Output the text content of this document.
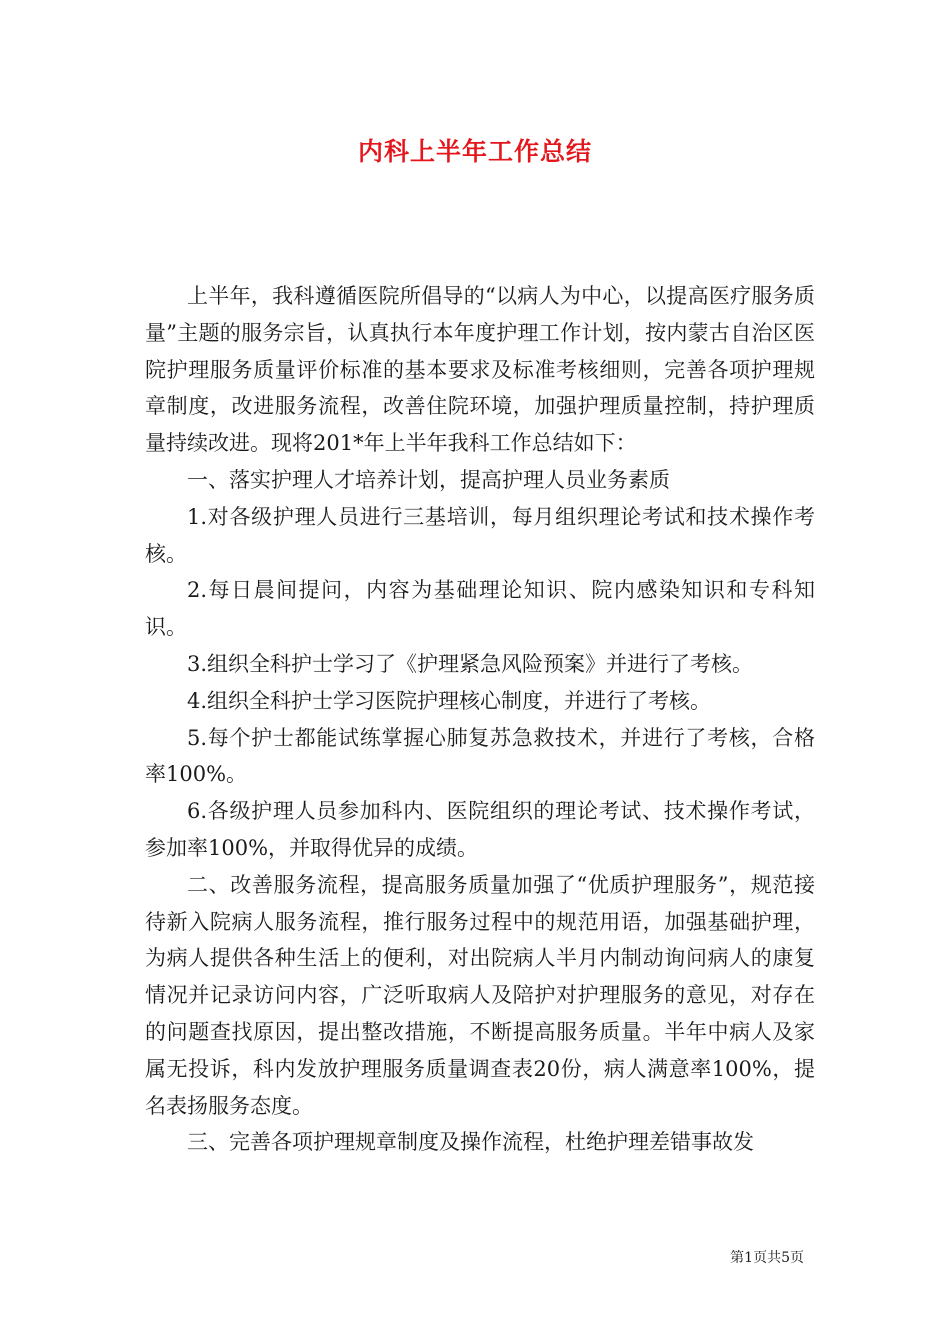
内科上半年工作总结

上半年，我科遵循医院所倡导的“以病人为中心，以提高医疗服务质量”主题的服务宗旨，认真执行本年度护理工作计划，按内蒙古自治区医院护理服务质量评价标准的基本要求及标准考核细则，完善各项护理规章制度，改进服务流程，改善住院环境，加强护理质量控制，持护理质量持续改进。现将201*年上半年我科工作总结如下：

一、落实护理人才培养计划，提高护理人员业务素质

1.对各级护理人员进行三基培训，每月组织理论考试和技术操作考核。

2.每日晨间提问，内容为基础理论知识、院内感染知识和专科知识。

3.组织全科护士学习了《护理紧急风险预案》并进行了考核。

4.组织全科护士学习医院护理核心制度，并进行了考核。

5.每个护士都能试练掌握心肺复苏急救技术，并进行了考核，合格率100%。

6.各级护理人员参加科内、医院组织的理论考试、技术操作考试，参加率100%，并取得优异的成绩。

二、改善服务流程，提高服务质量加强了“优质护理服务”，规范接待新入院病人服务流程，推行服务过程中的规范用语，加强基础护理，为病人提供各种生活上的便利，对出院病人半月内制动询问病人的康复情况并记录访问内容，广泛听取病人及陪护对护理服务的意见，对存在的问题查找原因，提出整改措施，不断提高服务质量。半年中病人及家属无投诉，科内发放护理服务质量调查表20份，病人满意率100%，提名表扬服务态度。

三、完善各项护理规章制度及操作流程，杜绝护理差错事故发

第1页共5页
